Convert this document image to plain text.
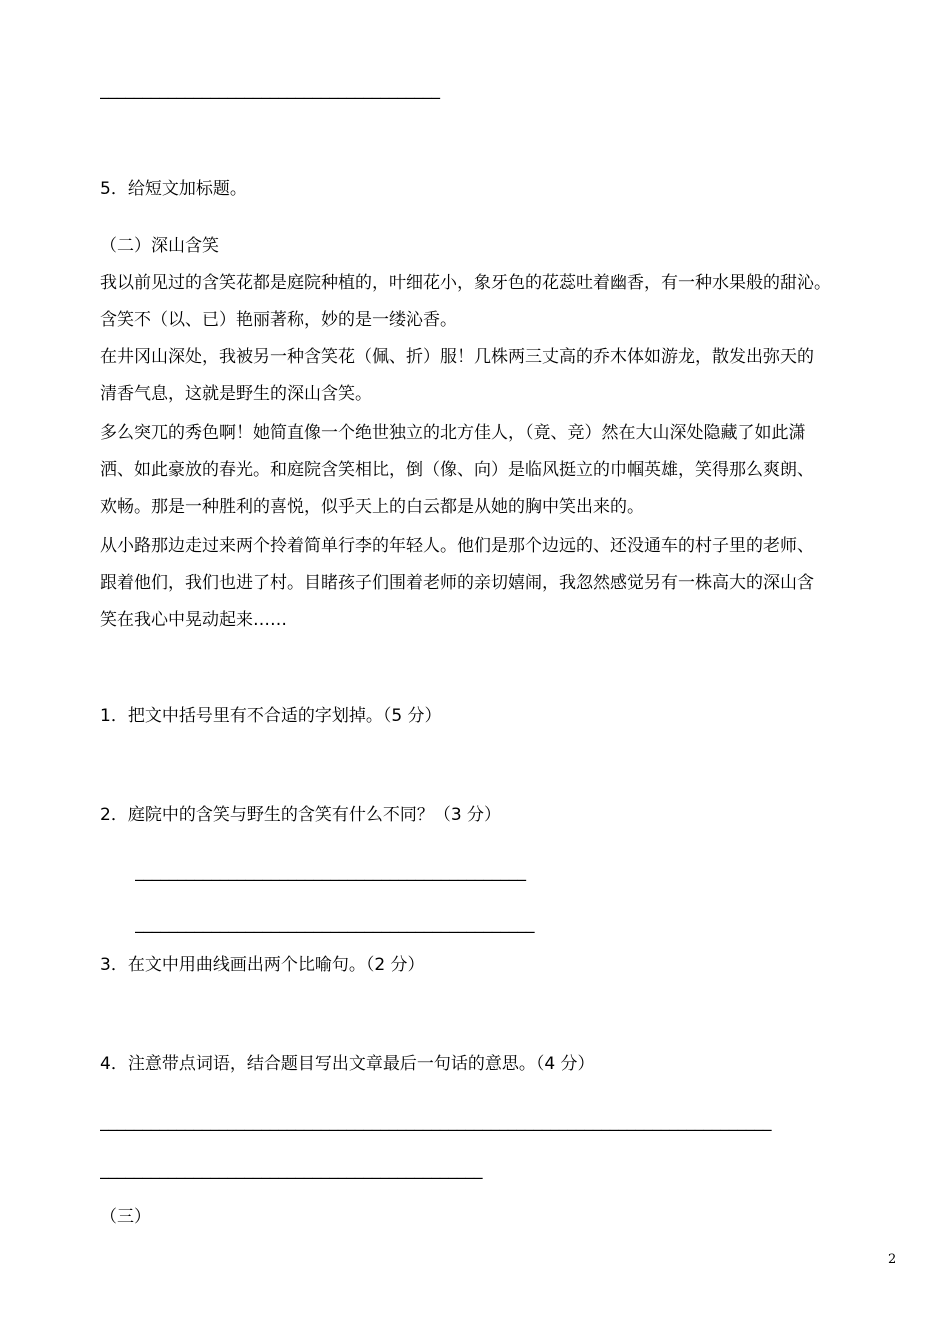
________________________________________
5．给短文加标题。
（二）深山含笑
我以前见过的含笑花都是庭院种植的，叶细花小，象牙色的花蕊吐着幽香，有一种水果般的甜沁。
含笑不（以、已）艳丽著称，妙的是一缕沁香。
在井冈山深处，我被另一种含笑花（佩、折）服！几株两三丈高的乔木体如游龙，散发出弥天的
清香气息，这就是野生的深山含笑。
多么突兀的秀色啊！她简直像一个绝世独立的北方佳人，（竟、竞）然在大山深处隐藏了如此潇
洒、如此豪放的春光。和庭院含笑相比，倒（像、向）是临风挺立的巾帼英雄，笑得那么爽朗、
欢畅。那是一种胜利的喜悦，似乎天上的白云都是从她的胸中笑出来的。
从小路那边走过来两个拎着简单行李的年轻人。他们是那个边远的、还没通车的村子里的老师、
跟着他们，我们也进了村。目睹孩子们围着老师的亲切嬉闹，我忽然感觉另有一株高大的深山含
笑在我心中晃动起来……
1．把文中括号里有不合适的字划掉。（5 分）
2．庭院中的含笑与野生的含笑有什么不同？（3 分）
______________________________________________
_______________________________________________
3．在文中用曲线画出两个比喻句。（2 分）
4．注意带点词语，结合题目写出文章最后一句话的意思。（4 分）
_______________________________________________________________________________
_____________________________________________
（三）
2
